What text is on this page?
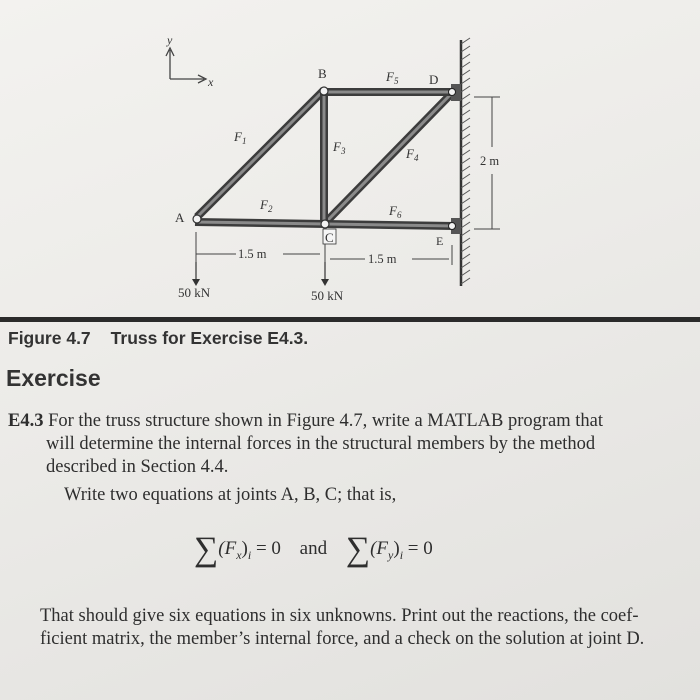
y
x
A
B
C
D
E
$F_1$
$F_2$
$F_3$	$F_4$
$F_5$
$F_6$
1.5 m	1.5 m
2 m
50 kN	50 kN
Figure 4.7 Truss for Exercise E4.3.
Exercise
E4.3 For the truss structure shown in Figure 4.7, write a MATLAB program that
will determine the internal forces in the structural members by the method
described in Section 4.4.
Write two equations at joints A, B, C; that is,
$\sum(F_x)_i = 0$ and $\sum(F_y)_i = 0$
That should give six equations in six unknowns. Print out the reactions, the coef-
ficient matrix, the member’s internal force, and a check on the solution at joint D.
